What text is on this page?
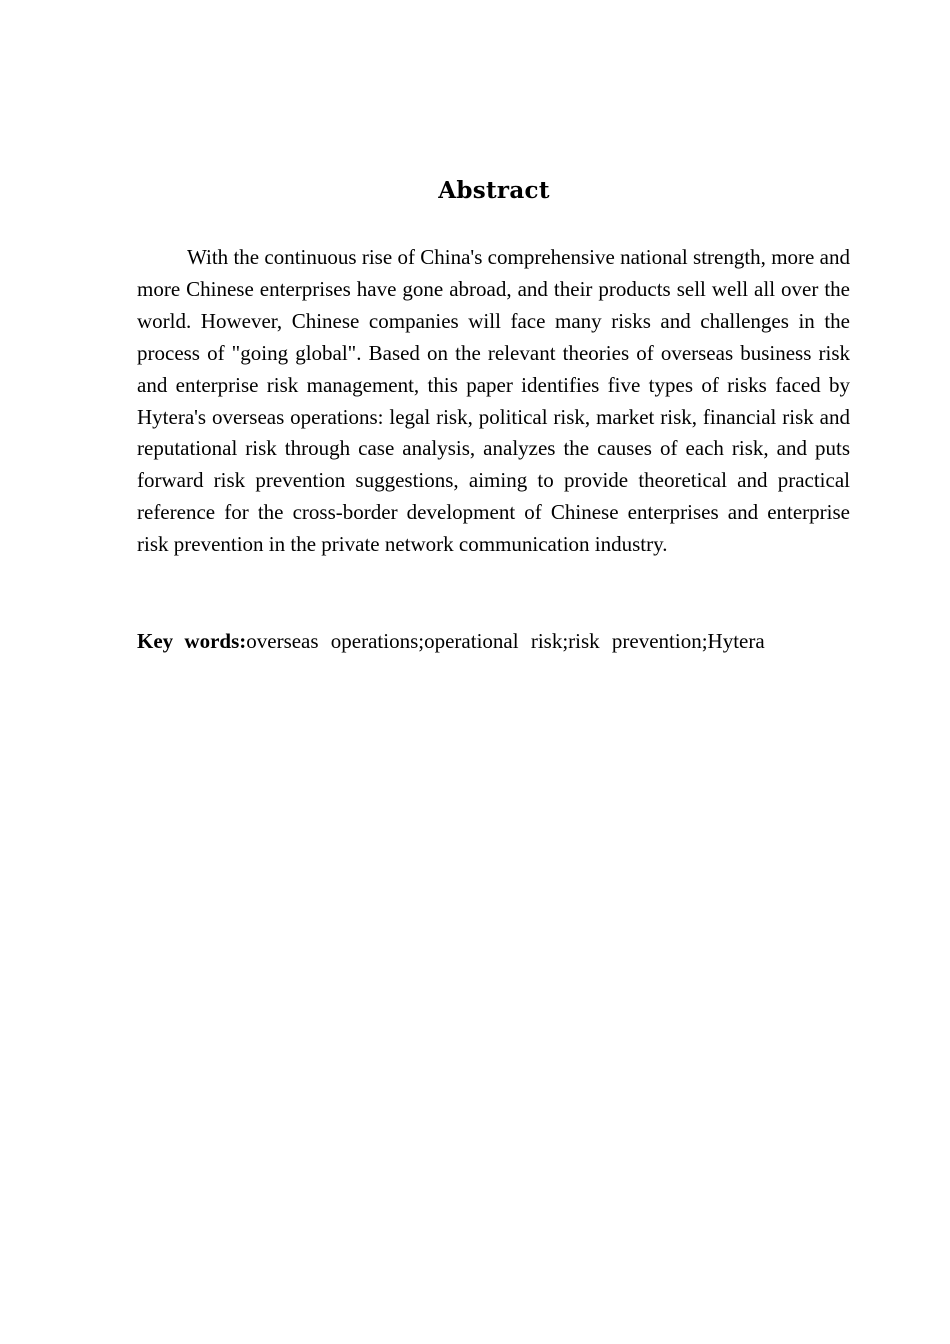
Abstract

With the continuous rise of China's comprehensive national strength, more and more Chinese enterprises have gone abroad, and their products sell well all over the world. However, Chinese companies will face many risks and challenges in the process of "going global". Based on the relevant theories of overseas business risk and enterprise risk management, this paper identifies five types of risks faced by Hytera's overseas operations: legal risk, political risk, market risk, financial risk and reputational risk through case analysis, analyzes the causes of each risk, and puts forward risk prevention suggestions, aiming to provide theoretical and practical reference for the cross-border development of Chinese enterprises and enterprise risk prevention in the private network communication industry.

Key words:overseas operations;operational risk;risk prevention;Hytera
